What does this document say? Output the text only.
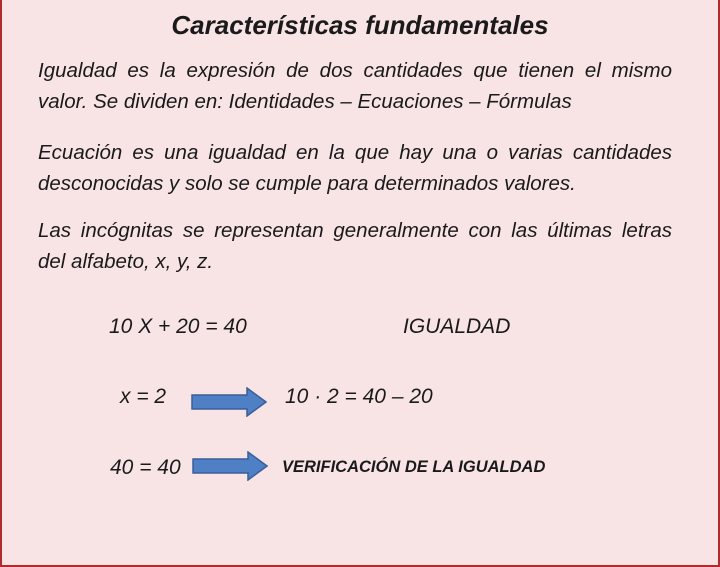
Características fundamentales

Igualdad es la expresión de dos cantidades que tienen el mismo valor. Se dividen en: Identidades – Ecuaciones – Fórmulas

Ecuación es una igualdad en la que hay una o varias cantidades desconocidas y solo se cumple para determinados valores.

Las incógnitas se representan generalmente con las últimas letras del alfabeto, x, y, z.

10 X + 20 = 40	IGUALDAD
x = 2	10 · 2 = 40 – 20
40 = 40	VERIFICACIÓN DE LA IGUALDAD
